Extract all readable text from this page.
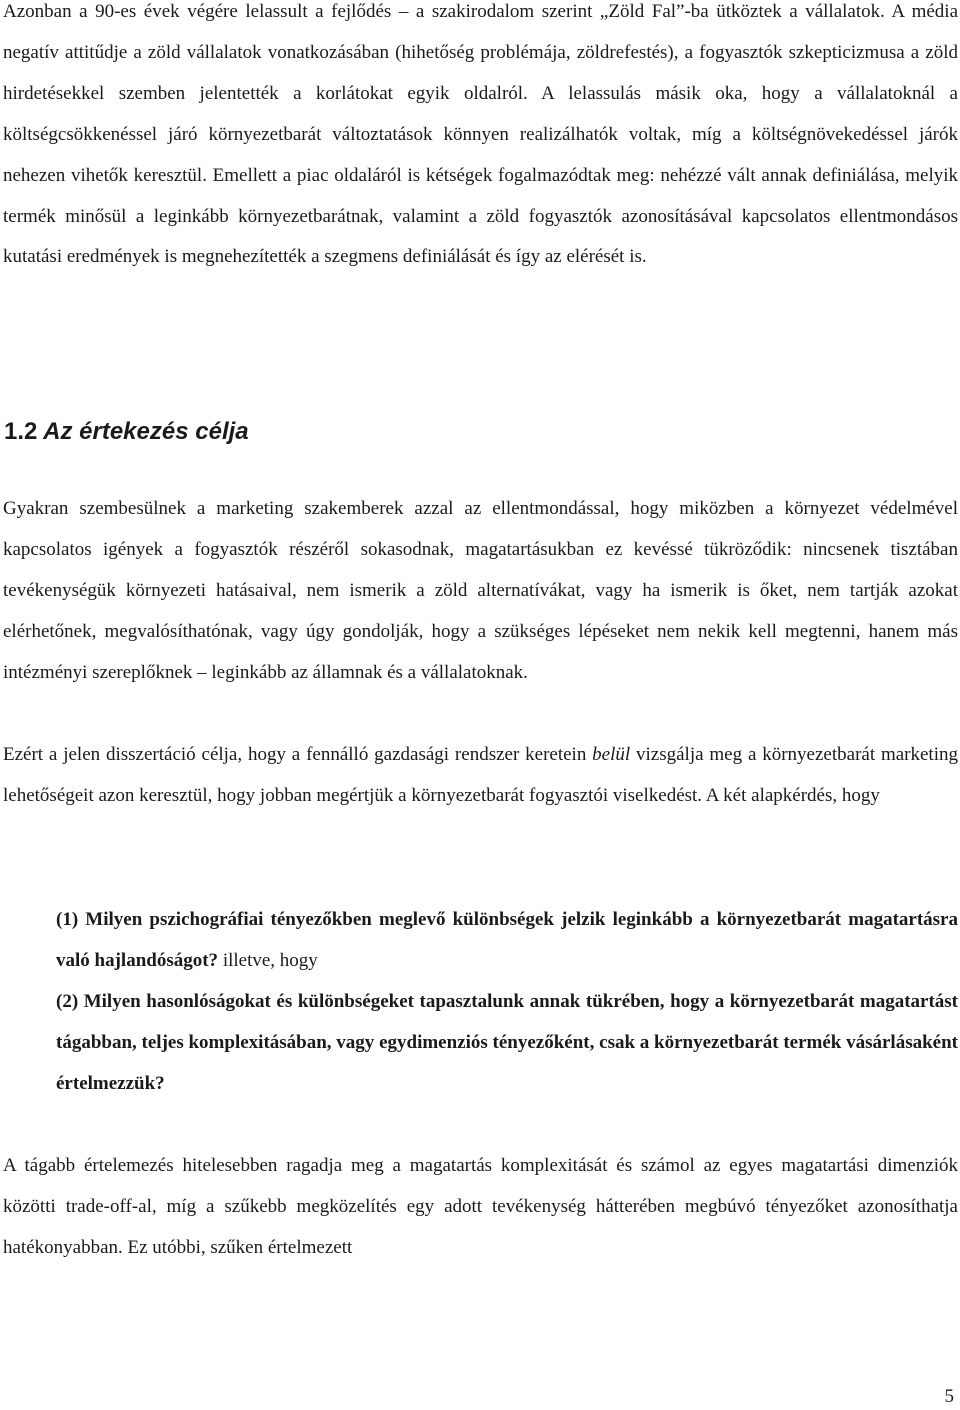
Azonban a 90-es évek végére lelassult a fejlődés – a szakirodalom szerint „Zöld Fal”-ba ütköztek a vállalatok. A média negatív attitűdje a zöld vállalatok vonatkozásában (hihetőség problémája, zöldrefestés), a fogyasztók szkepticizmusa a zöld hirdetésekkel szemben jelentették a korlátokat egyik oldalról. A lelassulás másik oka, hogy a vállalatoknál a költségcsökkenéssel járó környezetbarát változtatások könnyen realizálhatók voltak, míg a költségnövekedéssel járók nehezen vihetők keresztül. Emellett a piac oldaláról is kétségek fogalmazódtak meg: nehézzé vált annak definiálása, melyik termék minősül a leginkább környezetbarátnak, valamint a zöld fogyasztók azonosításával kapcsolatos ellentmondásos kutatási eredmények is megnehezítették a szegmens definiálását és így az elérését is.

1.2 Az értekezés célja

Gyakran szembesülnek a marketing szakemberek azzal az ellentmondással, hogy miközben a környezet védelmével kapcsolatos igények a fogyasztók részéről sokasodnak, magatartásukban ez kevéssé tükröződik: nincsenek tisztában tevékenységük környezeti hatásaival, nem ismerik a zöld alternatívákat, vagy ha ismerik is őket, nem tartják azokat elérhetőnek, megvalósíthatónak, vagy úgy gondolják, hogy a szükséges lépéseket nem nekik kell megtenni, hanem más intézményi szereplőknek – leginkább az államnak és a vállalatoknak.

Ezért a jelen disszertáció célja, hogy a fennálló gazdasági rendszer keretein belül vizsgálja meg a környezetbarát marketing lehetőségeit azon keresztül, hogy jobban megértjük a környezetbarát fogyasztói viselkedést. A két alapkérdés, hogy

(1) Milyen pszichográfiai tényezőkben meglevő különbségek jelzik leginkább a környezetbarát magatartásra való hajlandóságot? illetve, hogy
(2) Milyen hasonlóságokat és különbségeket tapasztalunk annak tükrében, hogy a környezetbarát magatartást tágabban, teljes komplexitásában, vagy egydimenziós tényezőként, csak a környezetbarát termék vásárlásaként értelmezzük?

A tágabb értelemezés hitelesebben ragadja meg a magatartás komplexitását és számol az egyes magatartási dimenziók közötti trade-off-al, míg a szűkebb megközelítés egy adott tevékenység hátterében megbúvó tényezőket azonosíthatja hatékonyabban. Ez utóbbi, szűken értelmezett

5
